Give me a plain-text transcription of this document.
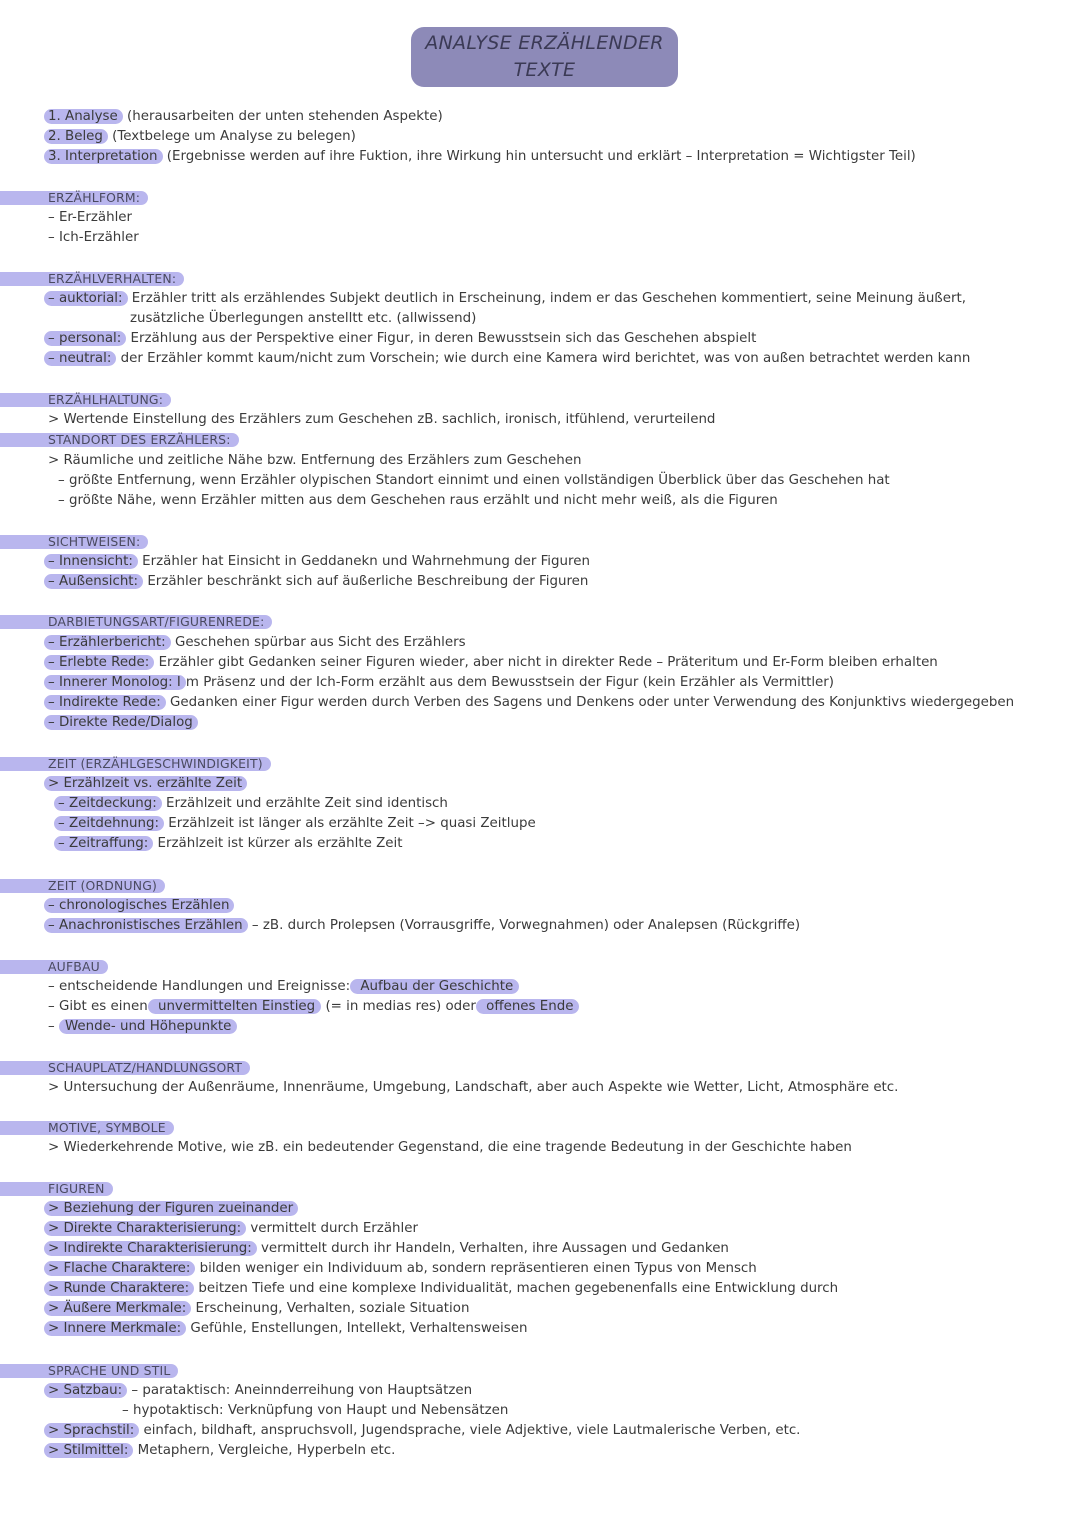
ANALYSE ERZÄHLENDER
TEXTE
1. Analyse (herausarbeiten der unten stehenden Aspekte)
2. Beleg (Textbelege um Analyse zu belegen)
3. Interpretation (Ergebnisse werden auf ihre Fuktion, ihre Wirkung hin untersucht und erklärt – Interpretation = Wichtigster Teil)
ERZÄHLFORM:
– Er-Erzähler
– Ich-Erzähler
ERZÄHLVERHALTEN:
– auktorial: Erzähler tritt als erzählendes Subjekt deutlich in Erscheinung, indem er das Geschehen kommentiert, seine Meinung äußert,
zusätzliche Überlegungen anstelltt etc. (allwissend)
– personal: Erzählung aus der Perspektive einer Figur, in deren Bewusstsein sich das Geschehen abspielt
– neutral: der Erzähler kommt kaum/nicht zum Vorschein; wie durch eine Kamera wird berichtet, was von außen betrachtet werden kann
ERZÄHLHALTUNG:
> Wertende Einstellung des Erzählers zum Geschehen zB. sachlich, ironisch, itfühlend, verurteilend
STANDORT DES ERZÄHLERS:
> Räumliche und zeitliche Nähe bzw. Entfernung des Erzählers zum Geschehen
– größte Entfernung, wenn Erzähler olypischen Standort einnimt und einen vollständigen Überblick über das Geschehen hat
– größte Nähe, wenn Erzähler mitten aus dem Geschehen raus erzählt und nicht mehr weiß, als die Figuren
SICHTWEISEN:
– Innensicht: Erzähler hat Einsicht in Geddanekn und Wahrnehmung der Figuren
– Außensicht: Erzähler beschränkt sich auf äußerliche Beschreibung der Figuren
DARBIETUNGSART/FIGURENREDE:
– Erzählerbericht: Geschehen spürbar aus Sicht des Erzählers
– Erlebte Rede: Erzähler gibt Gedanken seiner Figuren wieder, aber nicht in direkter Rede – Präteritum und Er-Form bleiben erhalten
– Innerer Monolog: I m Präsenz und der Ich-Form erzählt aus dem Bewusstsein der Figur (kein Erzähler als Vermittler)
– Indirekte Rede: Gedanken einer Figur werden durch Verben des Sagens und Denkens oder unter Verwendung des Konjunktivs wiedergegeben
– Direkte Rede/Dialog
ZEIT (ERZÄHLGESCHWINDIGKEIT)
> Erzählzeit vs. erzählte Zeit
– Zeitdeckung: Erzählzeit und erzählte Zeit sind identisch
– Zeitdehnung: Erzählzeit ist länger als erzählte Zeit –> quasi Zeitlupe
– Zeitraffung: Erzählzeit ist kürzer als erzählte Zeit
ZEIT (ORDNUNG)
– chronologisches Erzählen
– Anachronistisches Erzählen – zB. durch Prolepsen (Vorrausgriffe, Vorwegnahmen) oder Analepsen (Rückgriffe)
AUFBAU
– entscheidende Handlungen und Ereignisse: Aufbau der Geschichte
– Gibt es einen unvermittelten Einstieg (= in medias res) oder offenes Ende
– Wende- und Höhepunkte
SCHAUPLATZ/HANDLUNGSORT
> Untersuchung der Außenräume, Innenräume, Umgebung, Landschaft, aber auch Aspekte wie Wetter, Licht, Atmosphäre etc.
MOTIVE, SYMBOLE
> Wiederkehrende Motive, wie zB. ein bedeutender Gegenstand, die eine tragende Bedeutung in der Geschichte haben
FIGUREN
> Beziehung der Figuren zueinander
> Direkte Charakterisierung: vermittelt durch Erzähler
> Indirekte Charakterisierung: vermittelt durch ihr Handeln, Verhalten, ihre Aussagen und Gedanken
> Flache Charaktere: bilden weniger ein Individuum ab, sondern repräsentieren einen Typus von Mensch
> Runde Charaktere: beitzen Tiefe und eine komplexe Individualität, machen gegebenenfalls eine Entwicklung durch
> Äußere Merkmale: Erscheinung, Verhalten, soziale Situation
> Innere Merkmale: Gefühle, Enstellungen, Intellekt, Verhaltensweisen
SPRACHE UND STIL
> Satzbau: – parataktisch: Aneinnderreihung von Hauptsätzen
– hypotaktisch: Verknüpfung von Haupt und Nebensätzen
> Sprachstil: einfach, bildhaft, anspruchsvoll, Jugendsprache, viele Adjektive, viele Lautmalerische Verben, etc.
> Stilmittel: Metaphern, Vergleiche, Hyperbeln etc.
